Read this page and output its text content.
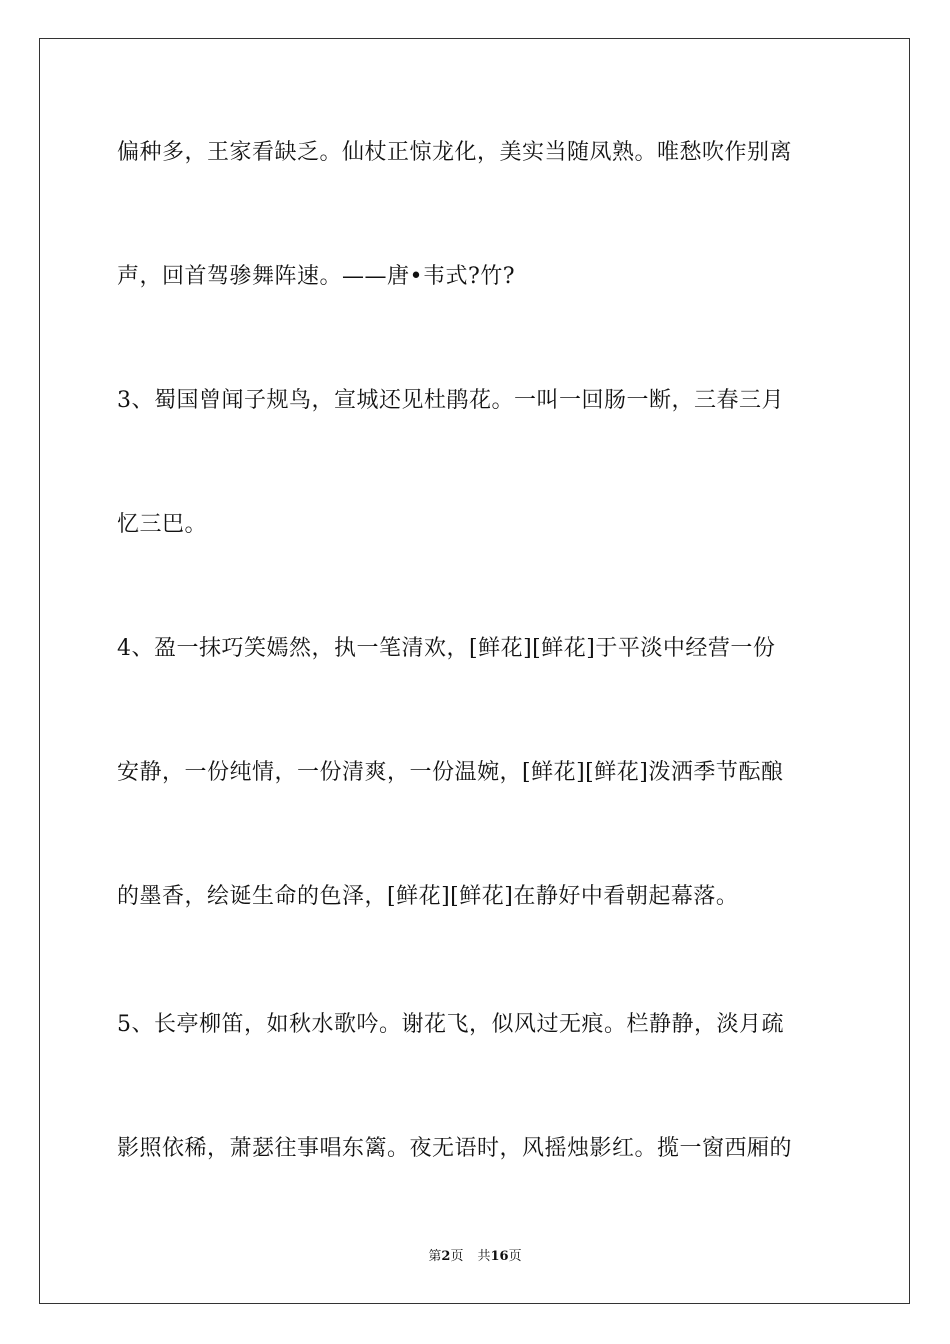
偏种多，王家看缺乏。仙杖正惊龙化，美实当随凤熟。唯愁吹作别离
声，回首驾骖舞阵速。——唐•韦式?竹?
3、蜀国曾闻子规鸟，宣城还见杜鹃花。一叫一回肠一断，三春三月
忆三巴。
4、盈一抹巧笑嫣然，执一笔清欢，[鲜花][鲜花]于平淡中经营一份
安静，一份纯情，一份清爽，一份温婉，[鲜花][鲜花]泼洒季节酝酿
的墨香，绘诞生命的色泽，[鲜花][鲜花]在静好中看朝起幕落。
5、长亭柳笛，如秋水歌吟。谢花飞，似风过无痕。栏静静，淡月疏
影照依稀，萧瑟往事唱东篱。夜无语时，风摇烛影红。揽一窗西厢的
第2页 共16页
